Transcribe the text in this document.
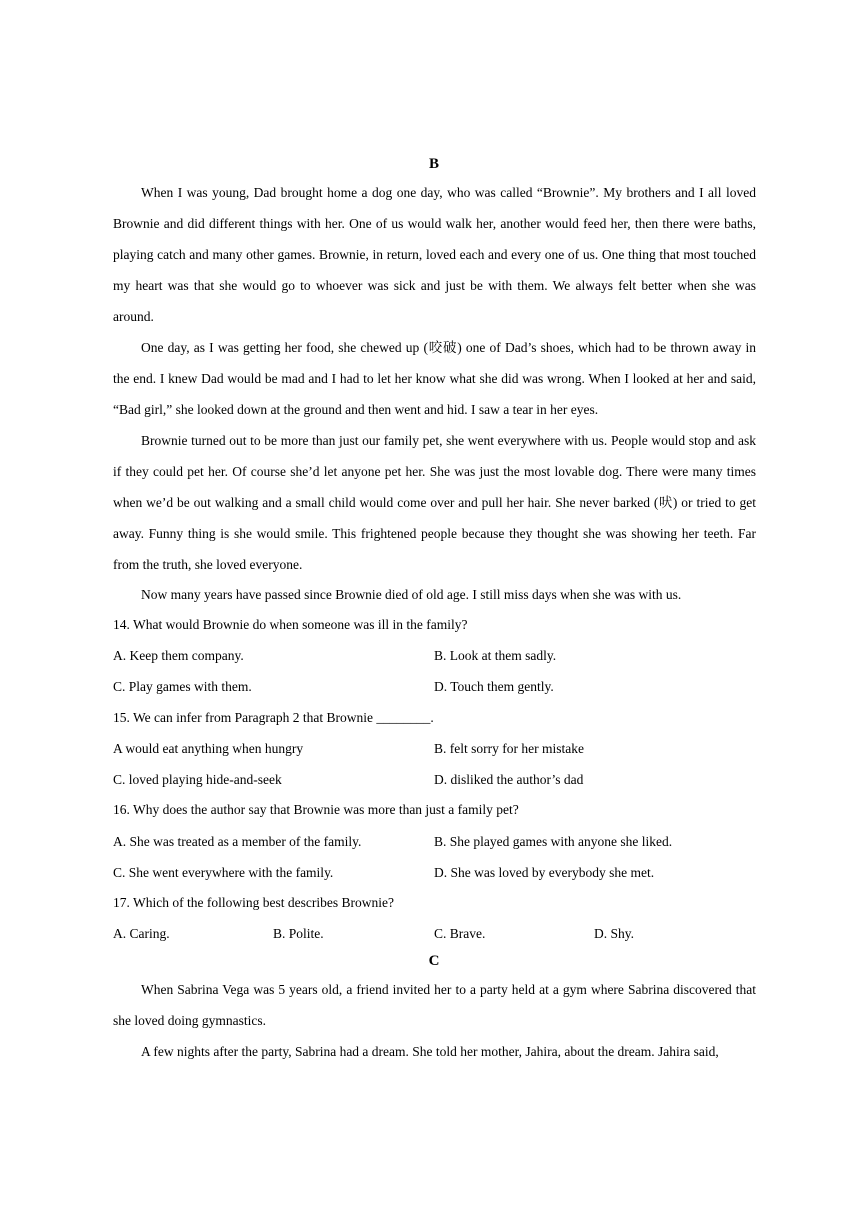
B

When I was young, Dad brought home a dog one day, who was called “Brownie”. My brothers and I all loved Brownie and did different things with her. One of us would walk her, another would feed her, then there were baths, playing catch and many other games. Brownie, in return, loved each and every one of us. One thing that most touched my heart was that she would go to whoever was sick and just be with them. We always felt better when she was around.

One day, as I was getting her food, she chewed up (咬破) one of Dad’s shoes, which had to be thrown away in the end. I knew Dad would be mad and I had to let her know what she did was wrong. When I looked at her and said, “Bad girl,” she looked down at the ground and then went and hid. I saw a tear in her eyes.

Brownie turned out to be more than just our family pet, she went everywhere with us. People would stop and ask if they could pet her. Of course she’d let anyone pet her. She was just the most lovable dog. There were many times when we’d be out walking and a small child would come over and pull her hair. She never barked (吠) or tried to get away. Funny thing is she would smile. This frightened people because they thought she was showing her teeth. Far from the truth, she loved everyone.

Now many years have passed since Brownie died of old age. I still miss days when she was with us.

14. What would Brownie do when someone was ill in the family?
A. Keep them company.	B. Look at them sadly.
C. Play games with them.	D. Touch them gently.
15. We can infer from Paragraph 2 that Brownie ________.
A would eat anything when hungry	B. felt sorry for her mistake
C. loved playing hide-and-seek	D. disliked the author’s dad
16. Why does the author say that Brownie was more than just a family pet?
A. She was treated as a member of the family.	B. She played games with anyone she liked.
C. She went everywhere with the family.	D. She was loved by everybody she met.
17. Which of the following best describes Brownie?
A. Caring.	B. Polite.	C. Brave.	D. Shy.
C

When Sabrina Vega was 5 years old, a friend invited her to a party held at a gym where Sabrina discovered that she loved doing gymnastics.

A few nights after the party, Sabrina had a dream. She told her mother, Jahira, about the dream. Jahira said,
